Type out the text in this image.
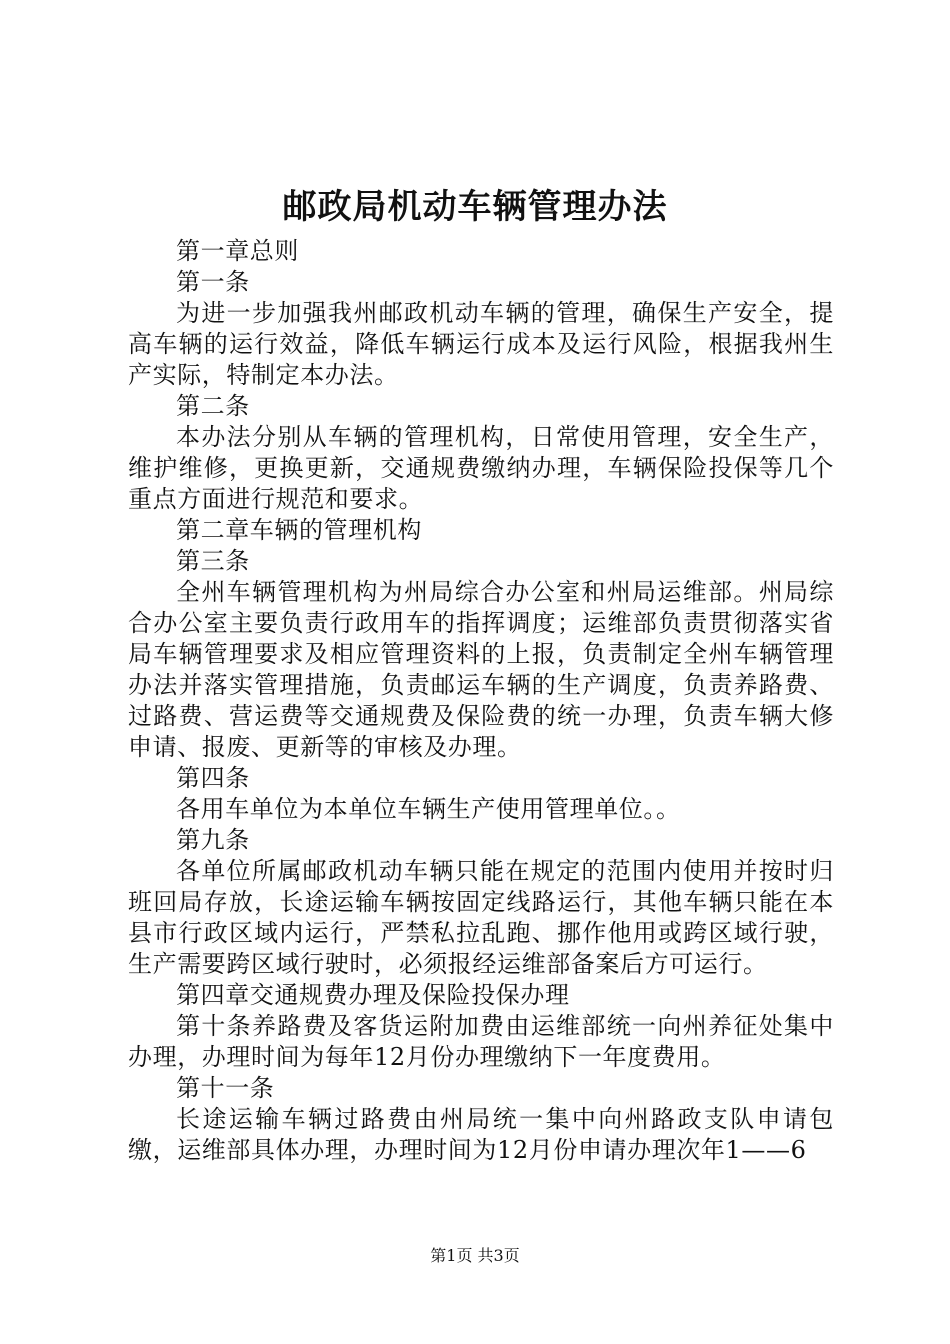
邮政局机动车辆管理办法

第一章总则

第一条

为进一步加强我州邮政机动车辆的管理，确保生产安全，提高车辆的运行效益，降低车辆运行成本及运行风险，根据我州生产实际，特制定本办法。

第二条

本办法分别从车辆的管理机构，日常使用管理，安全生产，维护维修，更换更新，交通规费缴纳办理，车辆保险投保等几个重点方面进行规范和要求。

第二章车辆的管理机构

第三条

全州车辆管理机构为州局综合办公室和州局运维部。州局综合办公室主要负责行政用车的指挥调度；运维部负责贯彻落实省局车辆管理要求及相应管理资料的上报，负责制定全州车辆管理办法并落实管理措施，负责邮运车辆的生产调度，负责养路费、过路费、营运费等交通规费及保险费的统一办理，负责车辆大修申请、报废、更新等的审核及办理。

第四条

各用车单位为本单位车辆生产使用管理单位。。

第九条

各单位所属邮政机动车辆只能在规定的范围内使用并按时归班回局存放，长途运输车辆按固定线路运行，其他车辆只能在本县市行政区域内运行，严禁私拉乱跑、挪作他用或跨区域行驶，生产需要跨区域行驶时，必须报经运维部备案后方可运行。

第四章交通规费办理及保险投保办理

第十条养路费及客货运附加费由运维部统一向州养征处集中办理，办理时间为每年12月份办理缴纳下一年度费用。

第十一条

长途运输车辆过路费由州局统一集中向州路政支队申请包缴，运维部具体办理，办理时间为12月份申请办理次年1——6

第1页 共3页
